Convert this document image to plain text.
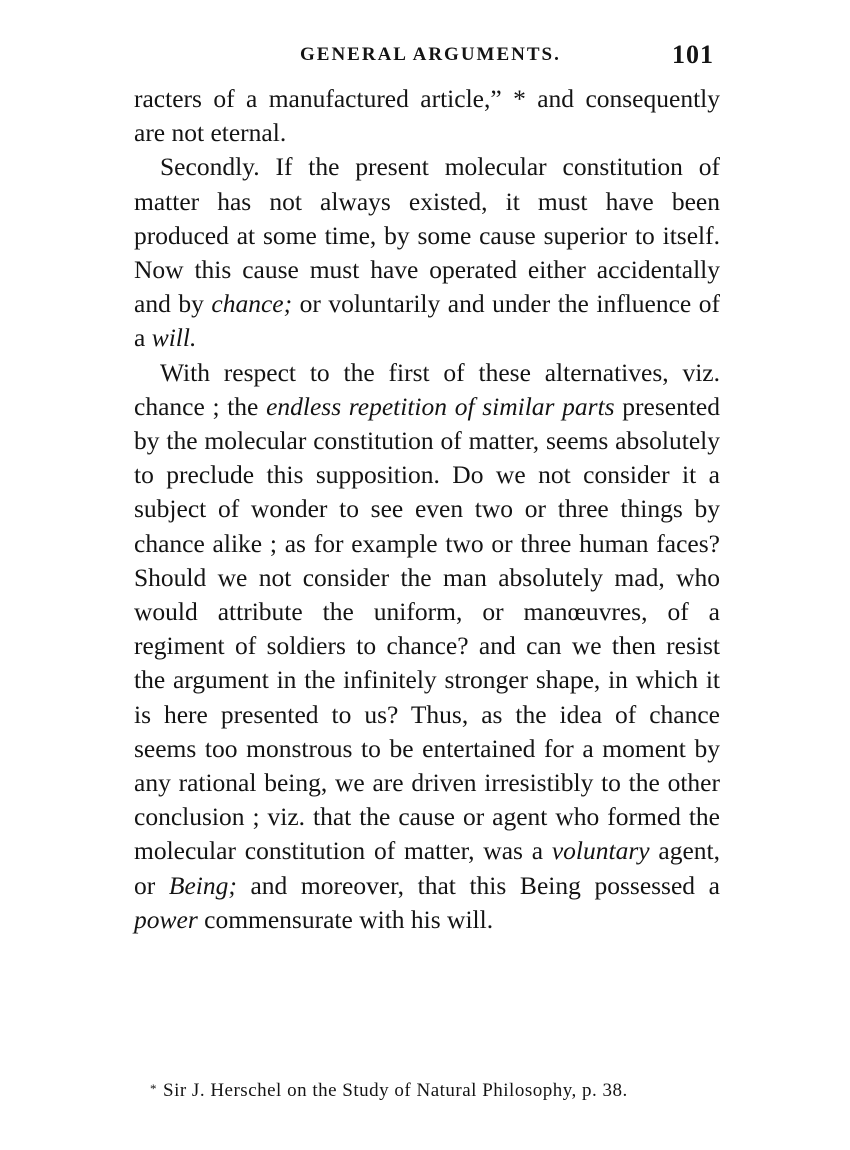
GENERAL ARGUMENTS.	101

racters of a manufactured article,” * and consequently are not eternal.

Secondly. If the present molecular constitution of matter has not always existed, it must have been produced at some time, by some cause superior to itself. Now this cause must have operated either accidentally and by chance; or voluntarily and under the influence of a will.

With respect to the first of these alternatives, viz. chance ; the endless repetition of similar parts presented by the molecular constitution of matter, seems absolutely to preclude this supposition. Do we not consider it a subject of wonder to see even two or three things by chance alike ; as for example two or three human faces? Should we not consider the man absolutely mad, who would attribute the uniform, or manœuvres, of a regiment of soldiers to chance? and can we then resist the argument in the infinitely stronger shape, in which it is here presented to us? Thus, as the idea of chance seems too monstrous to be entertained for a moment by any rational being, we are driven irresistibly to the other conclusion ; viz. that the cause or agent who formed the molecular constitution of matter, was a voluntary agent, or Being; and moreover, that this Being possessed a power commensurate with his will.

* Sir J. Herschel on the Study of Natural Philosophy, p. 38.
